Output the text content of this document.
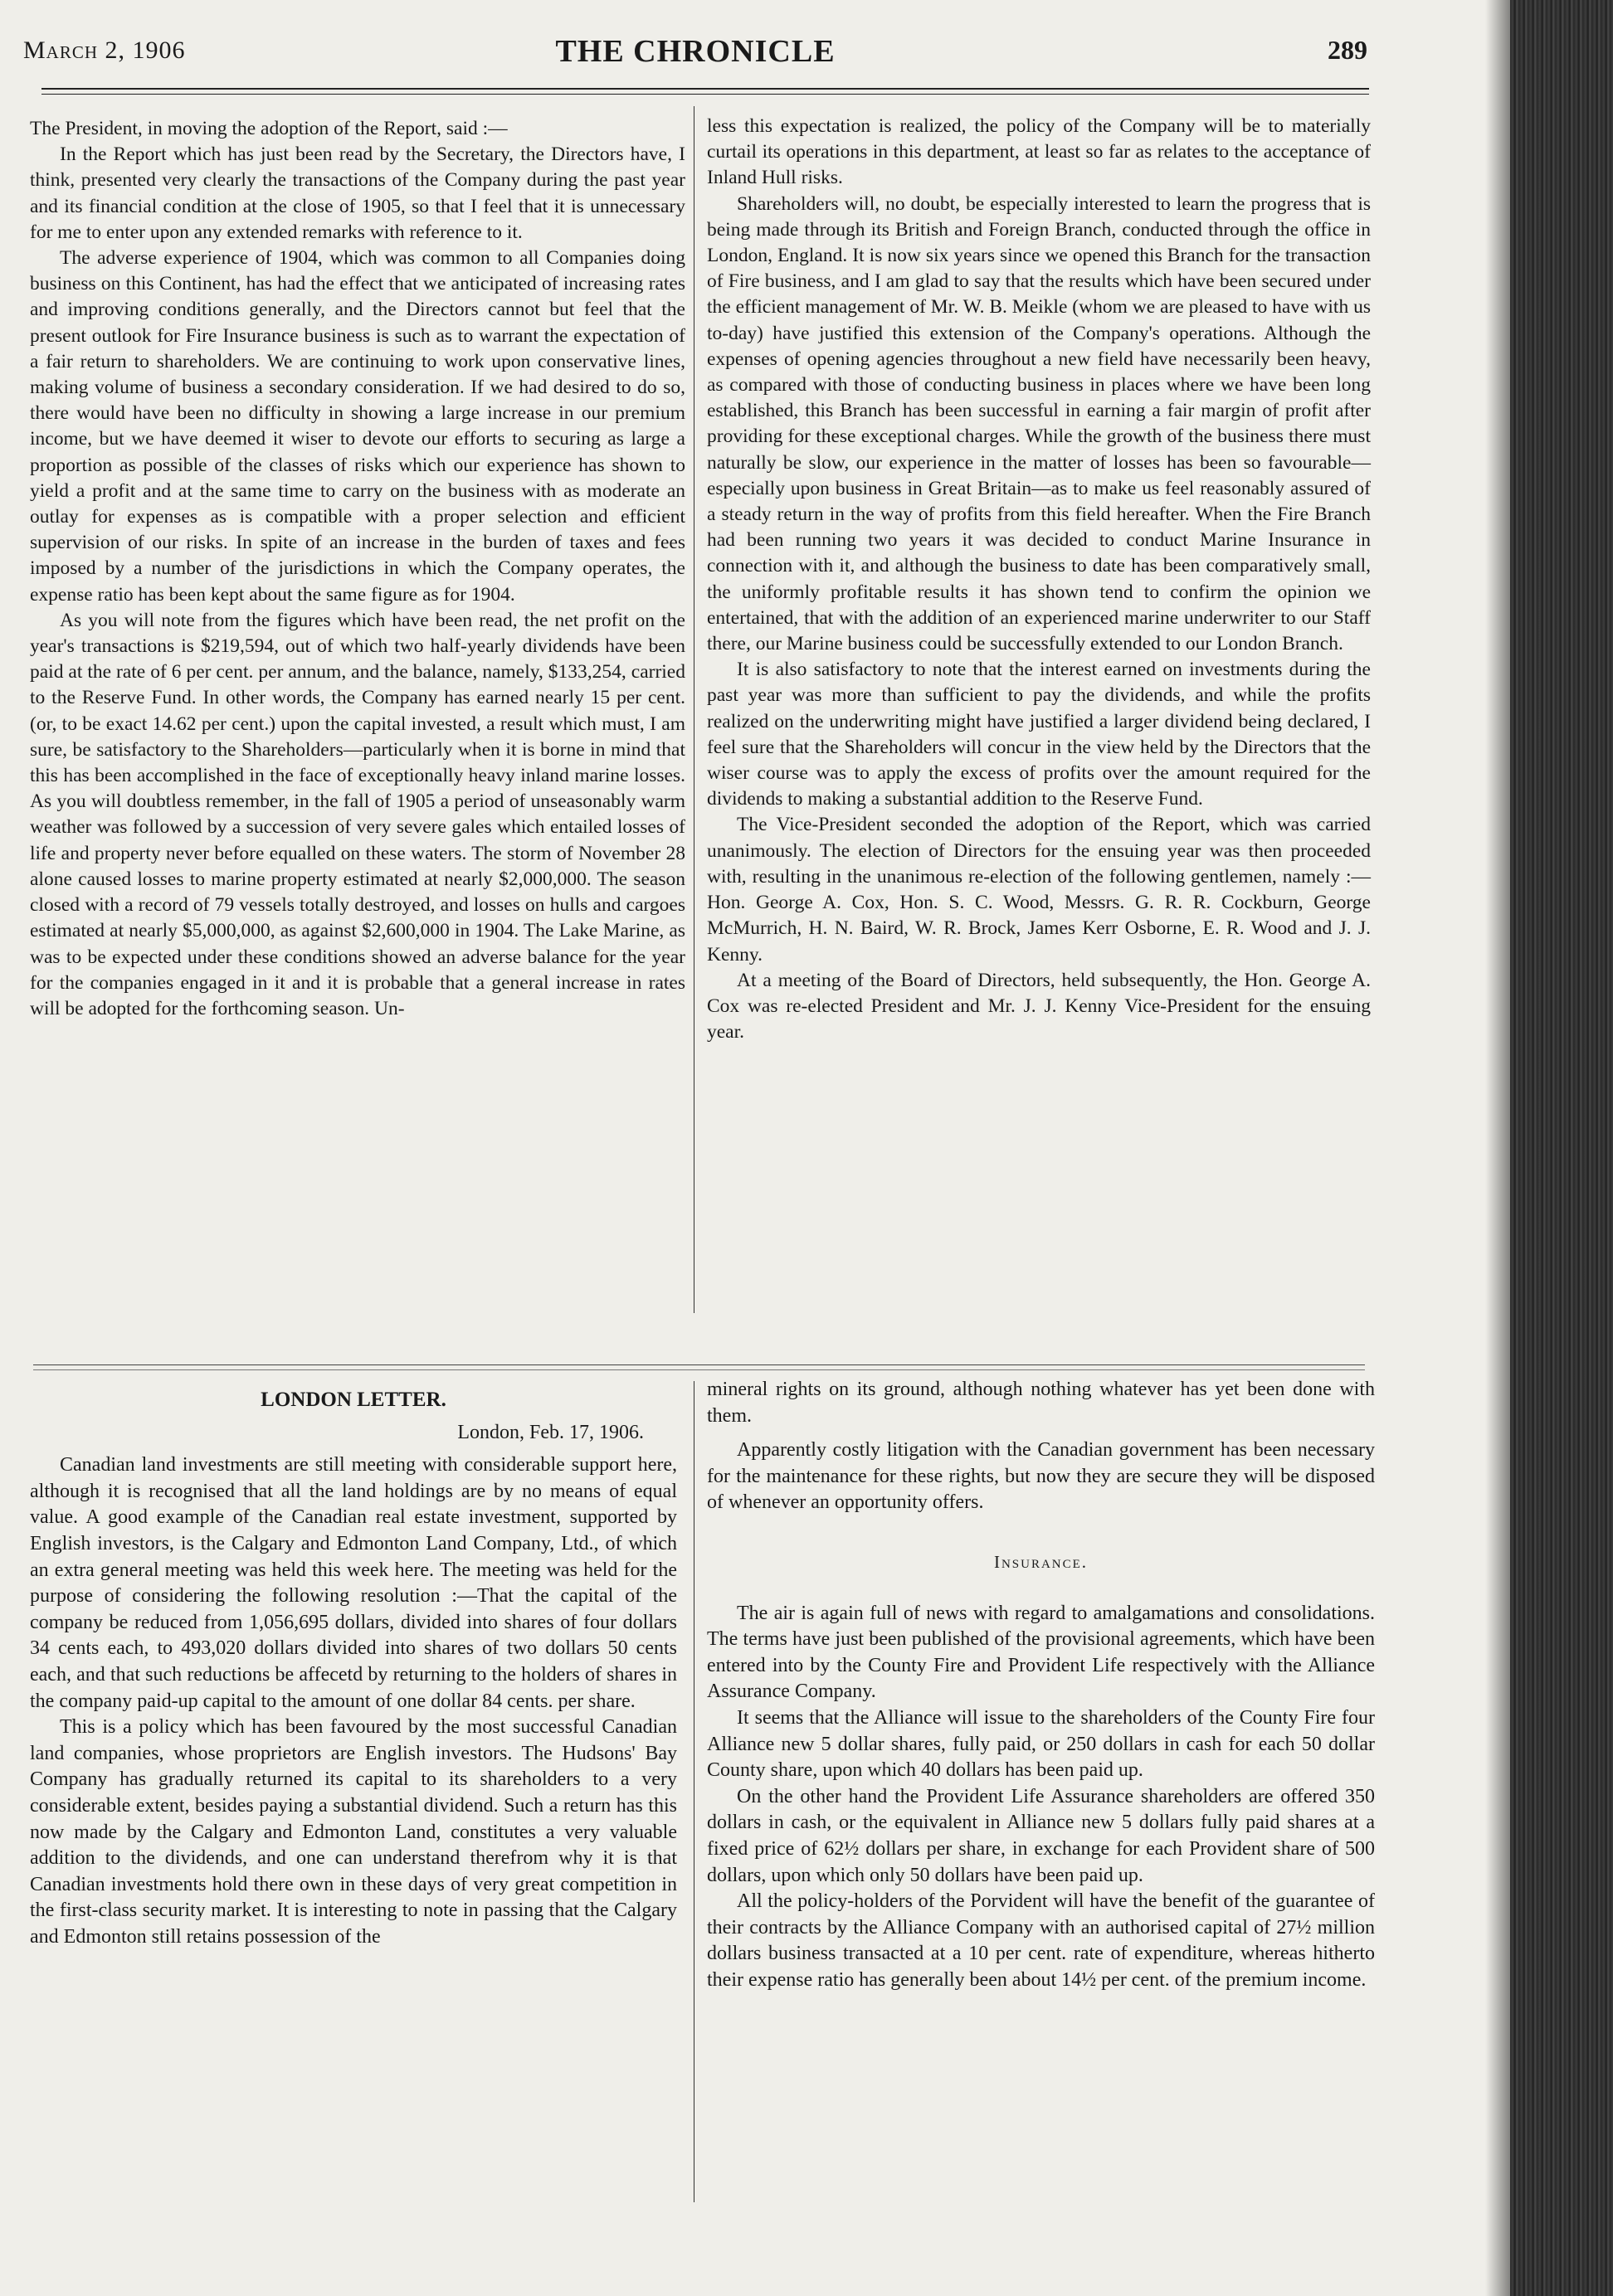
March 2, 1906	THE CHRONICLE	289

The President, in moving the adoption of the Report, said :—

In the Report which has just been read by the Secretary, the Directors have, I think, presented very clearly the transactions of the Company during the past year and its financial condition at the close of 1905, so that I feel that it is unnecessary for me to enter upon any extended remarks with reference to it.

The adverse experience of 1904, which was common to all Companies doing business on this Continent, has had the effect that we anticipated of increasing rates and improving conditions generally, and the Directors cannot but feel that the present outlook for Fire Insurance business is such as to warrant the expectation of a fair return to shareholders. We are continuing to work upon conservative lines, making volume of business a secondary consideration. If we had desired to do so, there would have been no difficulty in showing a large increase in our premium income, but we have deemed it wiser to devote our efforts to securing as large a proportion as possible of the classes of risks which our experience has shown to yield a profit and at the same time to carry on the business with as moderate an outlay for expenses as is compatible with a proper selection and efficient supervision of our risks. In spite of an increase in the burden of taxes and fees imposed by a number of the jurisdictions in which the Company operates, the expense ratio has been kept about the same figure as for 1904.

As you will note from the figures which have been read, the net profit on the year's transactions is $219,594, out of which two half-yearly dividends have been paid at the rate of 6 per cent. per annum, and the balance, namely, $133,254, carried to the Reserve Fund. In other words, the Company has earned nearly 15 per cent. (or, to be exact 14.62 per cent.) upon the capital invested, a result which must, I am sure, be satisfactory to the Shareholders—particularly when it is borne in mind that this has been accomplished in the face of exceptionally heavy inland marine losses. As you will doubtless remember, in the fall of 1905 a period of unseasonably warm weather was followed by a succession of very severe gales which entailed losses of life and property never before equalled on these waters. The storm of November 28 alone caused losses to marine property estimated at nearly $2,000,000. The season closed with a record of 79 vessels totally destroyed, and losses on hulls and cargoes estimated at nearly $5,000,000, as against $2,600,000 in 1904. The Lake Marine, as was to be expected under these conditions showed an adverse balance for the year for the companies engaged in it and it is probable that a general increase in rates will be adopted for the forthcoming season. Un-

less this expectation is realized, the policy of the Company will be to materially curtail its operations in this department, at least so far as relates to the acceptance of Inland Hull risks.

Shareholders will, no doubt, be especially interested to learn the progress that is being made through its British and Foreign Branch, conducted through the office in London, England. It is now six years since we opened this Branch for the transaction of Fire business, and I am glad to say that the results which have been secured under the efficient management of Mr. W. B. Meikle (whom we are pleased to have with us to-day) have justified this extension of the Company's operations. Although the expenses of opening agencies throughout a new field have necessarily been heavy, as compared with those of conducting business in places where we have been long established, this Branch has been successful in earning a fair margin of profit after providing for these exceptional charges. While the growth of the business there must naturally be slow, our experience in the matter of losses has been so favourable—especially upon business in Great Britain—as to make us feel reasonably assured of a steady return in the way of profits from this field hereafter. When the Fire Branch had been running two years it was decided to conduct Marine Insurance in connection with it, and although the business to date has been comparatively small, the uniformly profitable results it has shown tend to confirm the opinion we entertained, that with the addition of an experienced marine underwriter to our Staff there, our Marine business could be successfully extended to our London Branch.

It is also satisfactory to note that the interest earned on investments during the past year was more than sufficient to pay the dividends, and while the profits realized on the underwriting might have justified a larger dividend being declared, I feel sure that the Shareholders will concur in the view held by the Directors that the wiser course was to apply the excess of profits over the amount required for the dividends to making a substantial addition to the Reserve Fund.

The Vice-President seconded the adoption of the Report, which was carried unanimously. The election of Directors for the ensuing year was then proceeded with, resulting in the unanimous re-election of the following gentlemen, namely :—Hon. George A. Cox, Hon. S. C. Wood, Messrs. G. R. R. Cockburn, George McMurrich, H. N. Baird, W. R. Brock, James Kerr Osborne, E. R. Wood and J. J. Kenny.

At a meeting of the Board of Directors, held subsequently, the Hon. George A. Cox was re-elected President and Mr. J. J. Kenny Vice-President for the ensuing year.

LONDON LETTER.
London, Feb. 17, 1906.

Canadian land investments are still meeting with considerable support here, although it is recognised that all the land holdings are by no means of equal value. A good example of the Canadian real estate investment, supported by English investors, is the Calgary and Edmonton Land Company, Ltd., of which an extra general meeting was held this week here. The meeting was held for the purpose of considering the following resolution :—That the capital of the company be reduced from 1,056,695 dollars, divided into shares of four dollars 34 cents each, to 493,020 dollars divided into shares of two dollars 50 cents each, and that such reductions be affecetd by returning to the holders of shares in the company paid-up capital to the amount of one dollar 84 cents. per share.

This is a policy which has been favoured by the most successful Canadian land companies, whose proprietors are English investors. The Hudsons' Bay Company has gradually returned its capital to its shareholders to a very considerable extent, besides paying a substantial dividend. Such a return has this now made by the Calgary and Edmonton Land, constitutes a very valuable addition to the dividends, and one can understand therefrom why it is that Canadian investments hold there own in these days of very great competition in the first-class security market. It is interesting to note in passing that the Calgary and Edmonton still retains possession of the

mineral rights on its ground, although nothing whatever has yet been done with them.

Apparently costly litigation with the Canadian government has been necessary for the maintenance for these rights, but now they are secure they will be disposed of whenever an opportunity offers.

Insurance.

The air is again full of news with regard to amalgamations and consolidations. The terms have just been published of the provisional agreements, which have been entered into by the County Fire and Provident Life respectively with the Alliance Assurance Company.

It seems that the Alliance will issue to the shareholders of the County Fire four Alliance new 5 dollar shares, fully paid, or 250 dollars in cash for each 50 dollar County share, upon which 40 dollars has been paid up.

On the other hand the Provident Life Assurance shareholders are offered 350 dollars in cash, or the equivalent in Alliance new 5 dollars fully paid shares at a fixed price of 62½ dollars per share, in exchange for each Provident share of 500 dollars, upon which only 50 dollars have been paid up.

All the policy-holders of the Porvident will have the benefit of the guarantee of their contracts by the Alliance Company with an authorised capital of 27½ million dollars business transacted at a 10 per cent. rate of expenditure, whereas hitherto their expense ratio has generally been about 14½ per cent. of the premium income.
